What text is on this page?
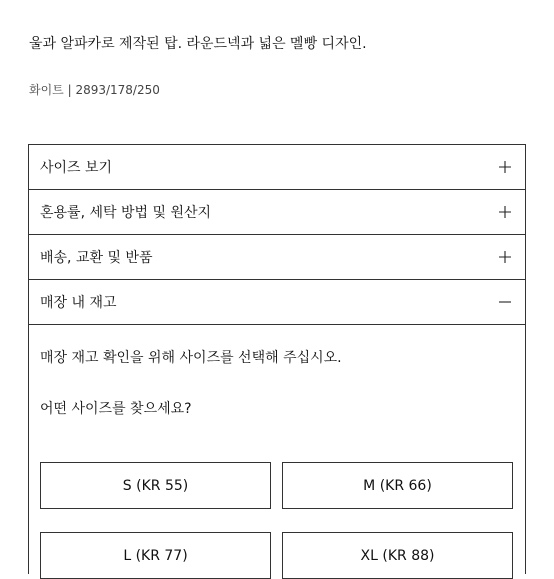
울과 알파카로 제작된 탑. 라운드넥과 넓은 멜빵 디자인.
화이트 | 2893/178/250
사이즈 보기
혼용률, 세탁 방법 및 원산지
배송, 교환 및 반품
매장 내 재고
매장 재고 확인을 위해 사이즈를 선택해 주십시오.
어떤 사이즈를 찾으세요?
S (KR 55)	M (KR 66)
L (KR 77)	XL (KR 88)
